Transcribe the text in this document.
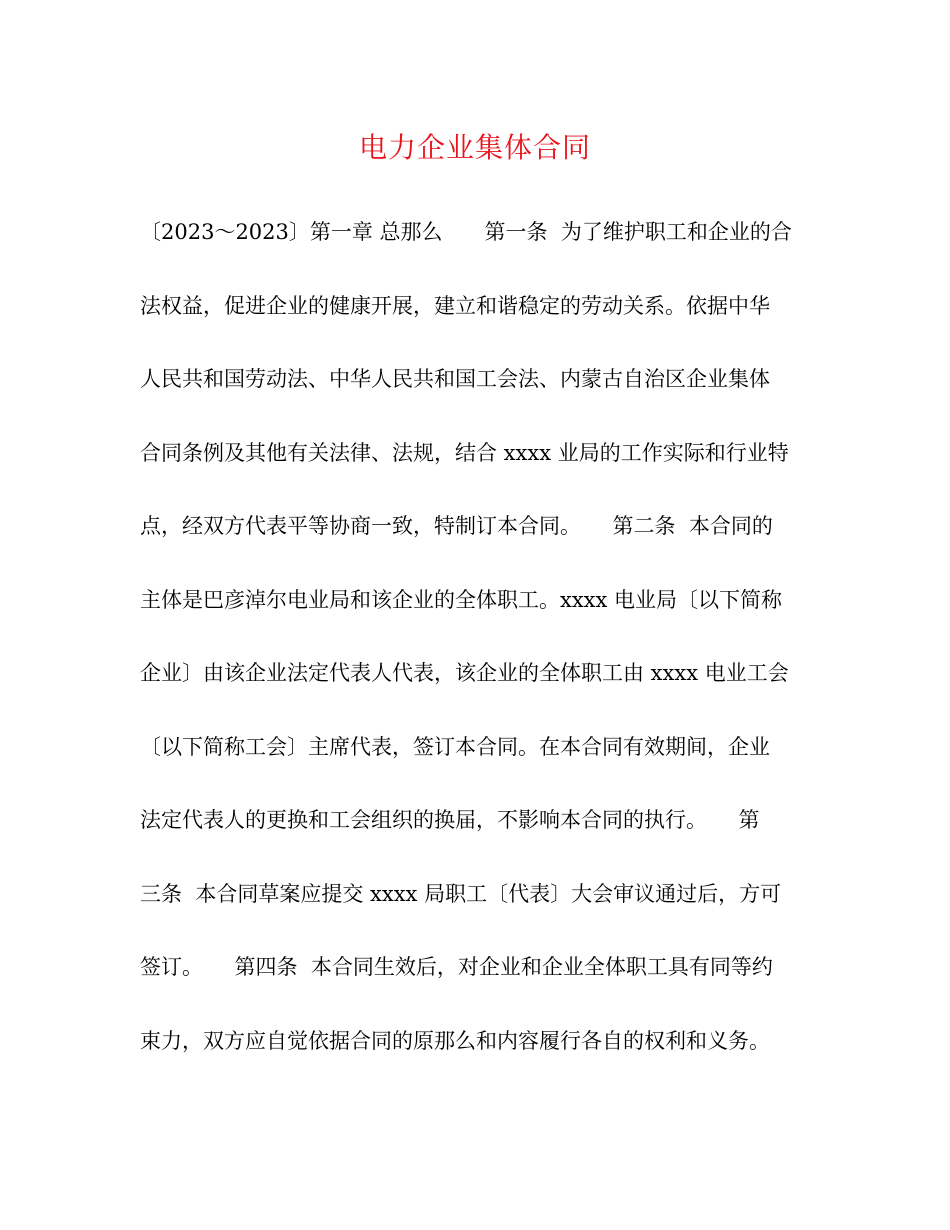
电力企业集体合同
〔2023～2023〕第一章 总那么　　第一条  为了维护职工和企业的合
法权益，促进企业的健康开展，建立和谐稳定的劳动关系。依据中华
人民共和国劳动法、中华人民共和国工会法、内蒙古自治区企业集体
合同条例及其他有关法律、法规，结合 xxxx 业局的工作实际和行业特
点，经双方代表平等协商一致，特制订本合同。　　第二条  本合同的
主体是巴彦淖尔电业局和该企业的全体职工。xxxx 电业局〔以下简称
企业〕由该企业法定代表人代表，该企业的全体职工由 xxxx 电业工会
〔以下简称工会〕主席代表，签订本合同。在本合同有效期间，企业
法定代表人的更换和工会组织的换届，不影响本合同的执行。　　第
三条  本合同草案应提交 xxxx 局职工〔代表〕大会审议通过后，方可
签订。　　第四条  本合同生效后，对企业和企业全体职工具有同等约
束力，双方应自觉依据合同的原那么和内容履行各自的权利和义务。
